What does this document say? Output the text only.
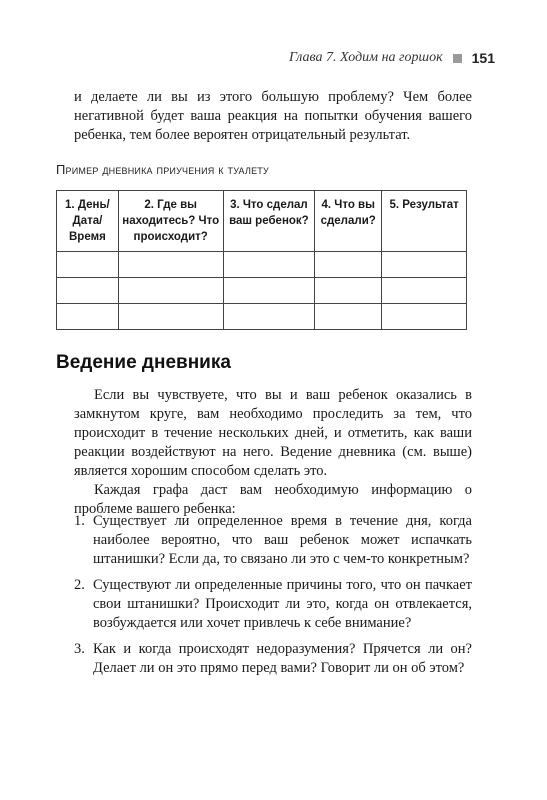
Глава 7. Ходим на горшок 151
и делаете ли вы из этого большую проблему? Чем более негативной будет ваша реакция на попытки обучения вашего ребенка, тем более вероятен отрицательный результат.
Пример дневника приучения к туалету
1. День/ Дата/ Время	2. Где вы находитесь? Что происходит?	3. Что сделал ваш ребенок?	4. Что вы сделали?	5. Результат

Ведение дневника

Если вы чувствуете, что вы и ваш ребенок оказались в замкнутом круге, вам необходимо проследить за тем, что происходит в течение нескольких дней, и отметить, как ваши реакции воздействуют на него. Ведение дневника (см. выше) является хорошим способом сделать это.

Каждая графа даст вам необходимую информацию о проблеме вашего ребенка:

1. Существует ли определенное время в течение дня, когда наиболее вероятно, что ваш ребенок может испачкать штанишки? Если да, то связано ли это с чем-то конкретным?
2. Существуют ли определенные причины того, что он пачкает свои штанишки? Происходит ли это, когда он отвлекается, возбуждается или хочет привлечь к себе внимание?
3. Как и когда происходят недоразумения? Прячется ли он? Делает ли он это прямо перед вами? Говорит ли он об этом?
